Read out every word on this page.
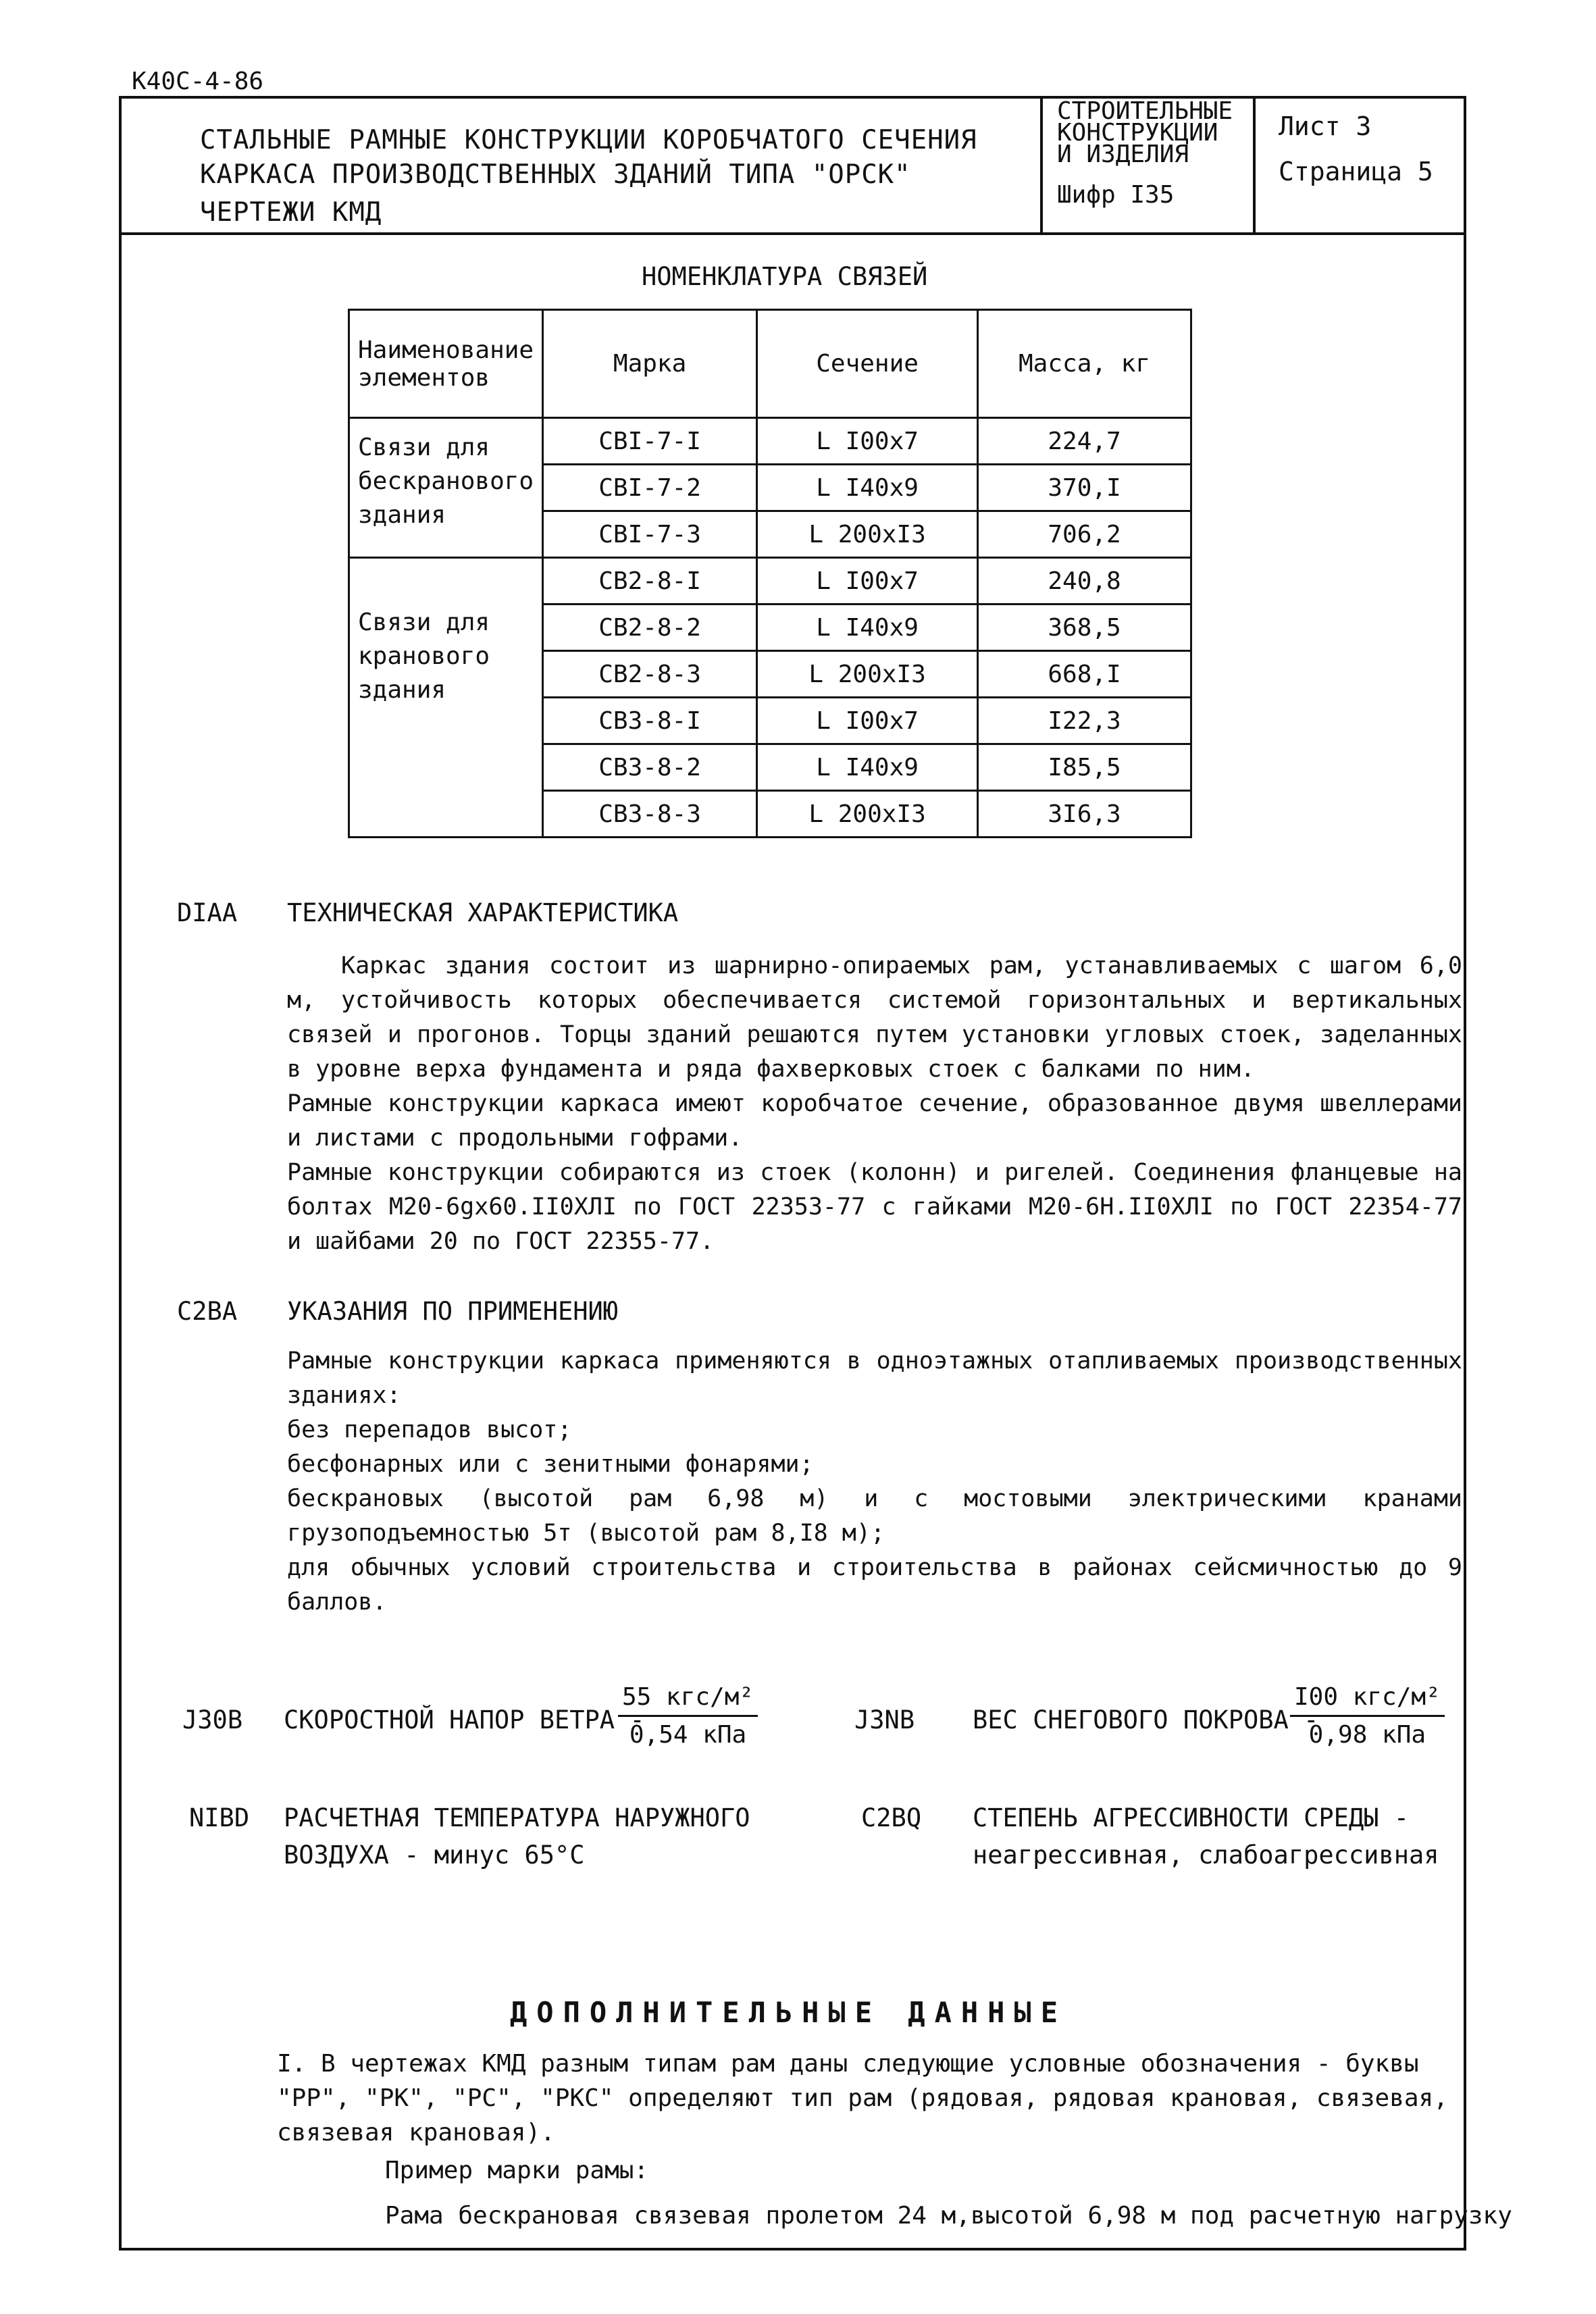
К40С-4-86
СТАЛЬНЫЕ РАМНЫЕ КОНСТРУКЦИИ КОРОБЧАТОГО СЕЧЕНИЯ
КАРКАСА ПРОИЗВОДСТВЕННЫХ ЗДАНИЙ ТИПА "ОРСК"
ЧЕРТЕЖИ КМД
СТРОИТЕЛЬНЫЕ
КОНСТРУКЦИИ
И ИЗДЕЛИЯ
Шифр I35
Лист 3
Страница 5
НОМЕНКЛАТУРА СВЯЗЕЙ
Наименование элементов	Марка	Сечение	Масса, кг
Связи для бескранового здания	СВI-7-I	L I00x7	224,7
	СВI-7-2	L I40x9	370,I
	СВI-7-3	L 200xI3	706,2
Связи для кранового здания	СВ2-8-I	L I00x7	240,8
	СВ2-8-2	L I40x9	368,5
	СВ2-8-3	L 200xI3	668,I
	СВ3-8-I	L I00x7	I22,3
	СВ3-8-2	L I40x9	I85,5
	СВ3-8-3	L 200xI3	3I6,3
DIAA ТЕХНИЧЕСКАЯ ХАРАКТЕРИСТИКА
Каркас здания состоит из шарнирно-опираемых рам, устанавливаемых с шагом 6,0 м, устойчивость которых обеспечивается системой горизонтальных и вертикальных связей и прогонов. Торцы зданий решаются путем установки угловых стоек, заделанных в уровне верха фундамента и ряда фахверковых стоек с балками по ним.
Рамные конструкции каркаса имеют коробчатое сечение, образованное двумя швеллерами и листами с продольными гофрами.
Рамные конструкции собираются из стоек (колонн) и ригелей. Соединения фланцевые на болтах М20-6gx60.II0ХЛI по ГОСТ 22353-77 с гайками М20-6Н.II0ХЛI по ГОСТ 22354-77 и шайбами 20 по ГОСТ 22355-77.
С2ВА УКАЗАНИЯ ПО ПРИМЕНЕНИЮ
Рамные конструкции каркаса применяются в одноэтажных отапливаемых производственных зданиях:
без перепадов высот;
бесфонарных или с зенитными фонарями;
бескрановых (высотой рам 6,98 м) и с мостовыми электрическими кранами грузоподъемностью 5т (высотой рам 8,I8 м);
для обычных условий строительства и строительства в районах сейсмичностью до 9 баллов.
J30В СКОРОСТНОЙ НАПОР ВЕТРА -
55 кгс/м²
0,54 кПа
J3NВ ВЕС СНЕГОВОГО ПОКРОВА -
I00 кгс/м²
0,98 кПа
NIВD РАСЧЕТНАЯ ТЕМПЕРАТУРА НАРУЖНОГО
ВОЗДУХА - минус 65°С
С2ВQ СТЕПЕНЬ АГРЕССИВНОСТИ СРЕДЫ -
неагрессивная, слабоагрессивная
ДОПОЛНИТЕЛЬНЫЕ ДАННЫЕ
I. В чертежах КМД разным типам рам даны следующие условные обозначения - буквы "РР", "РК", "РС", "РКС" определяют тип рам (рядовая, рядовая крановая, связевая, связевая крановая).
Пример марки рамы:
Рама бескрановая связевая пролетом 24 м,высотой 6,98 м под расчетную нагрузку
